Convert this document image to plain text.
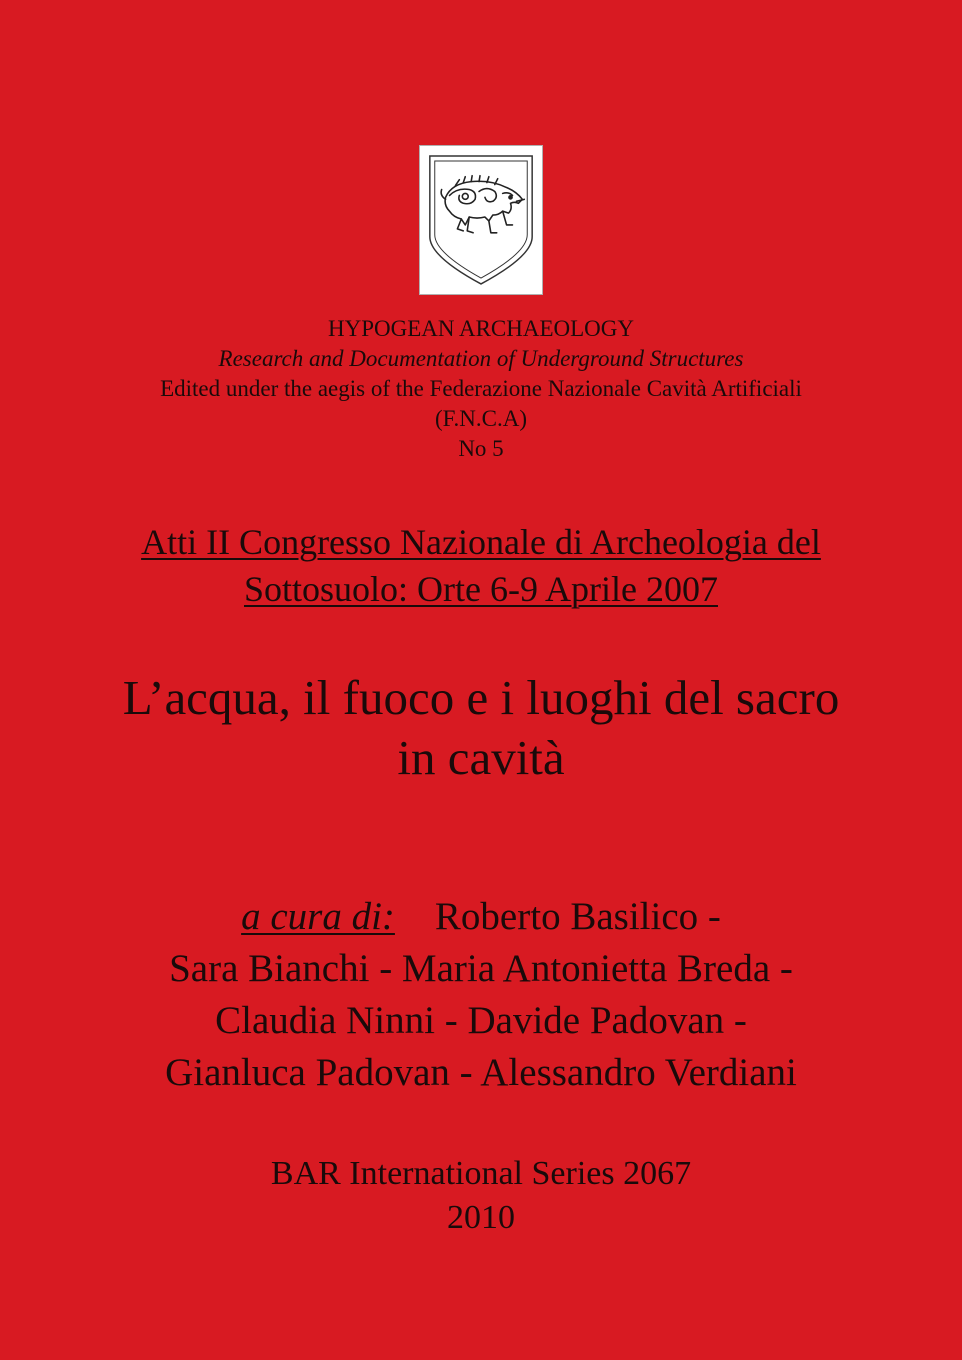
HYPOGEAN ARCHAEOLOGY
Research and Documentation of Underground Structures
Edited under the aegis of the Federazione Nazionale Cavità Artificiali
(F.N.C.A)
No 5
Atti II Congresso Nazionale di Archeologia del
Sottosuolo: Orte 6-9 Aprile 2007
L’acqua, il fuoco e i luoghi del sacro
in cavità
a cura di: Roberto Basilico -
Sara Bianchi - Maria Antonietta Breda -
Claudia Ninni - Davide Padovan -
Gianluca Padovan - Alessandro Verdiani
BAR International Series 2067
2010
